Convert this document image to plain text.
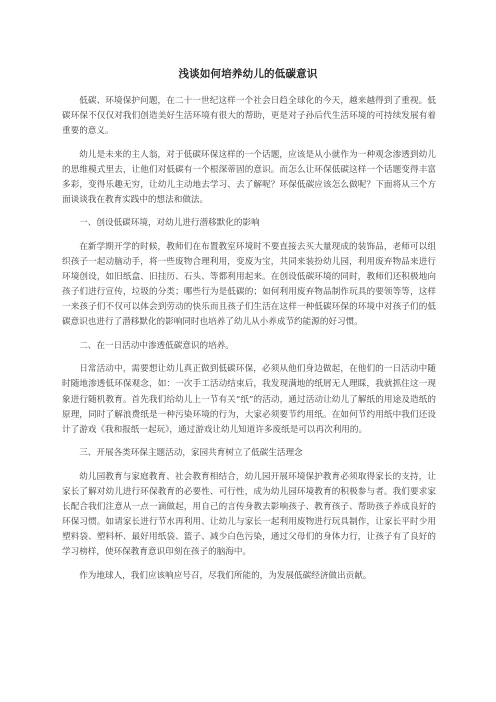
浅谈如何培养幼儿的低碳意识

低碳、环境保护问题，在二十一世纪这样一个社会日趋全球化的今天，越来越得到了重视。低碳环保不仅仅对我们创造美好生活环境有很大的帮助，更是对子孙后代生活环境的可持续发展有着重要的意义。

幼儿是未来的主人翁，对于低碳环保这样的一个话题，应该是从小就作为一种观念渗透到幼儿的思维模式里去，让他们对低碳有一个根深蒂固的意识。而怎么让环保低碳这样一个话题变得丰富多彩，变得乐趣无穷，让幼儿主动地去学习、去了解呢？环保低碳应该怎么做呢？下面将从三个方面谈谈我在教育实践中的想法和做法。

一、创设低碳环境，对幼儿进行潜移默化的影响

在新学期开学的时候，教师们在布置教室环境时不要直接去买大量现成的装饰品，老师可以组织孩子一起动脑动手，将一些废物合理利用，变废为宝，共同来装扮幼儿园，利用废弃物品来进行环境创设，如旧纸盒、旧挂历、石头、等都利用起来。在创设低碳环境的同时，教师们还积极地向孩子们进行宣传，垃圾的分类；哪些行为是低碳的；如何利用废弃物品制作玩具的要领等等，这样一来孩子们不仅可以体会到劳动的快乐而且孩子们生活在这样一种低碳环保的环境中对孩子们的低碳意识也进行了潜移默化的影响同时也培养了幼儿从小养成节约能源的好习惯。

二、在一日活动中渗透低碳意识的培养。

日常活动中，需要想让幼儿真正做到低碳环保，必须从他们身边做起，在他们的一日活动中随时随地渗透低环保观念，如：一次手工活动结束后，我发现满地的纸屑无人理睬，我就抓住这一现象进行随机教育。首先我们给幼儿上一节有关“纸”的活动，通过活动让幼儿了解纸的用途及造纸的原理，同时了解浪费纸是一种污染环境的行为，大家必须要节约用纸。在如何节约用纸中我们还设计了游戏《我和报纸一起玩》，通过游戏让幼儿知道许多废纸是可以再次利用的。

三、开展各类环保主题活动，家园共育树立了低碳生活理念

幼儿园教育与家庭教育、社会教育相结合，幼儿园开展环境保护教育必须取得家长的支持，让家长了解对幼儿进行环保教育的必要性、可行性，成为幼儿园环境教育的积极参与者。我们要求家长配合我们注意从一点一滴做起，用自己的言传身教去影响孩子、教育孩子、帮助孩子养成良好的环保习惯。如请家长进行节水再利用、让幼儿与家长一起利用废物进行玩具制作，让家长平时少用塑料袋、塑料杯、最好用纸袋、篮子、减少白色污染，通过父母们的身体力行，让孩子有了良好的学习榜样，使环保教育意识印刻在孩子的脑海中。

作为地球人，我们应该响应号召，尽我们所能的，为发展低碳经济做出贡献。
